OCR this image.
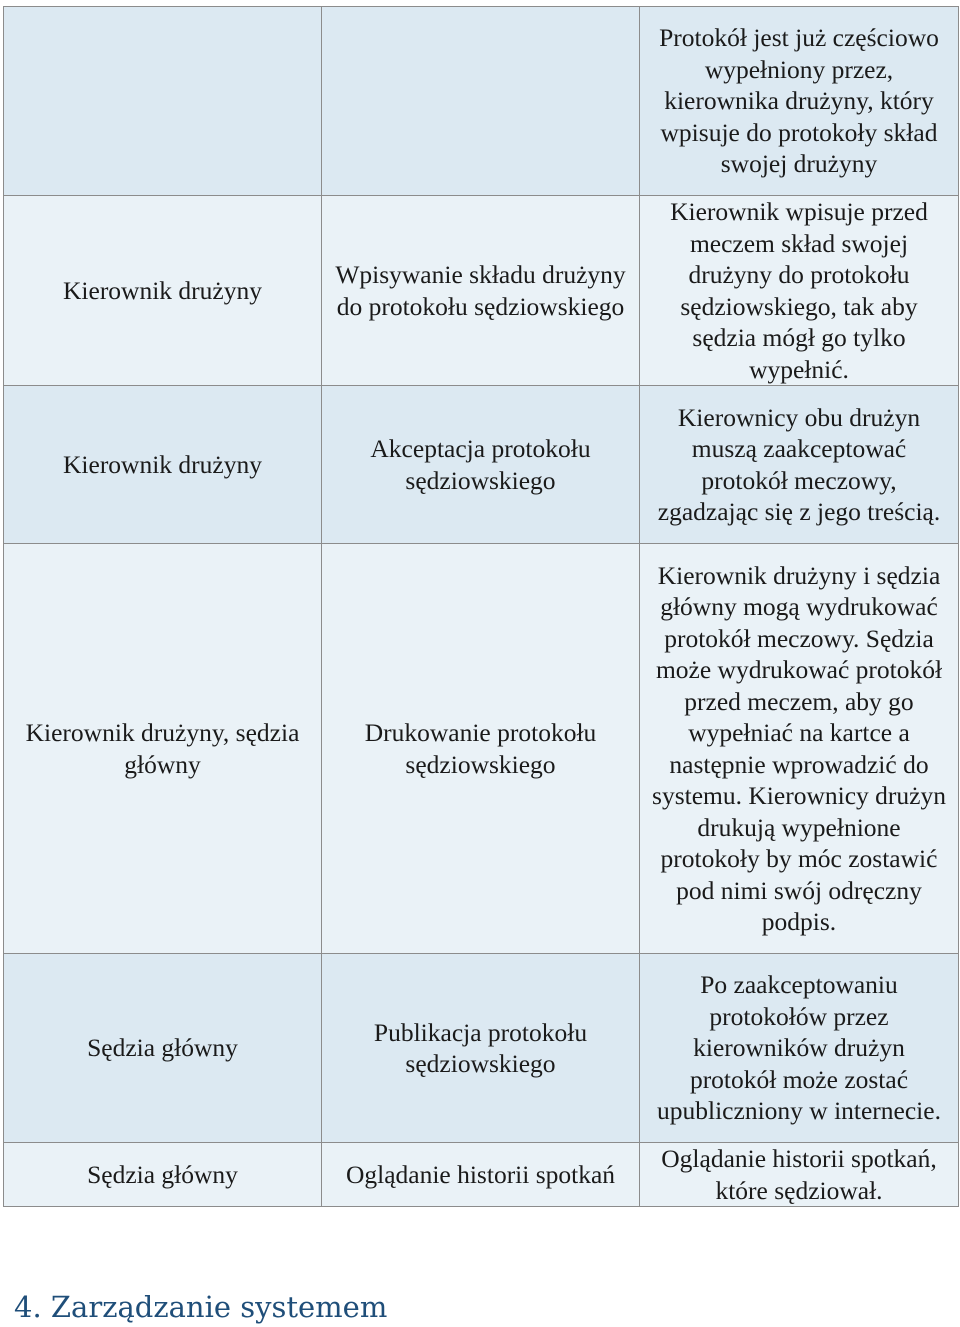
		Protokół jest już częściowo wypełniony przez, kierownika drużyny, który wpisuje do protokoły skład swojej drużyny
Kierownik drużyny	Wpisywanie składu drużyny do protokołu sędziowskiego	Kierownik wpisuje przed meczem skład swojej drużyny do protokołu sędziowskiego, tak aby sędzia mógł go tylko wypełnić.
Kierownik drużyny	Akceptacja protokołu sędziowskiego	Kierownicy obu drużyn muszą zaakceptować protokół meczowy, zgadzając się z jego treścią.
Kierownik drużyny, sędzia główny	Drukowanie protokołu sędziowskiego	Kierownik drużyny i sędzia główny mogą wydrukować protokół meczowy. Sędzia może wydrukować protokół przed meczem, aby go wypełniać na kartce a następnie wprowadzić do systemu. Kierownicy drużyn drukują wypełnione protokoły by móc zostawić pod nimi swój odręczny podpis.
Sędzia główny	Publikacja protokołu sędziowskiego	Po zaakceptowaniu protokołów przez kierowników drużyn protokół może zostać upubliczniony w internecie.
Sędzia główny	Oglądanie historii spotkań	Oglądanie historii spotkań, które sędziował.
4. Zarządzanie systemem
